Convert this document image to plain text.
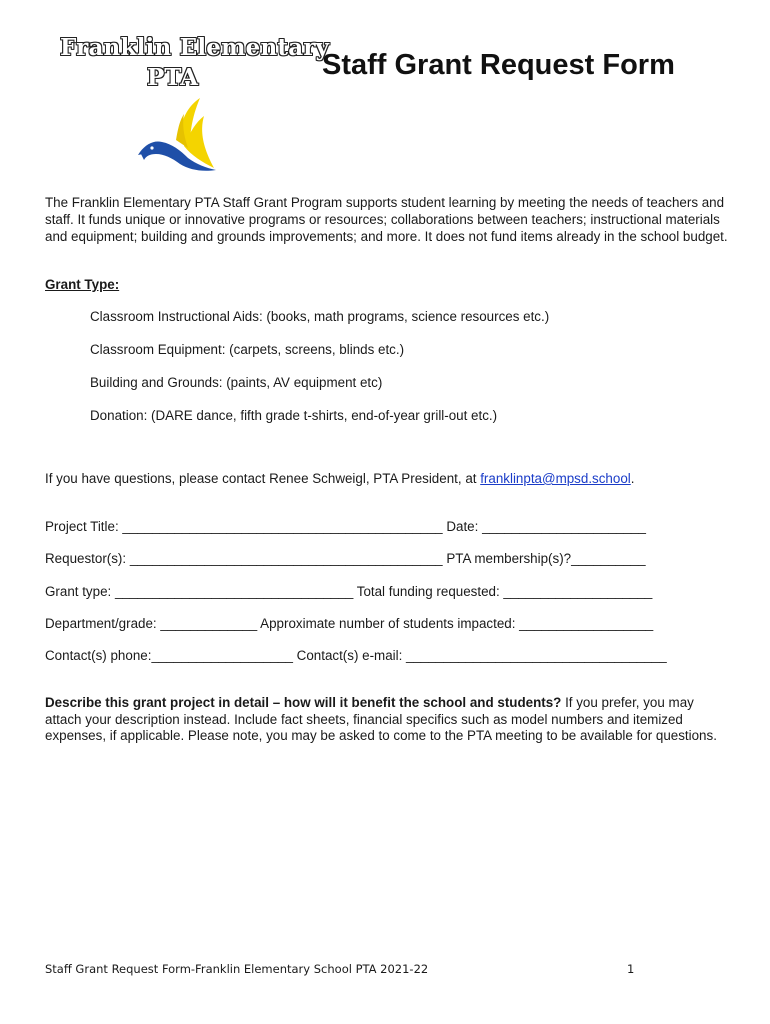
Franklin Elementary
PTA	Staff Grant Request Form

The Franklin Elementary PTA Staff Grant Program supports student learning by meeting the needs of teachers and staff. It funds unique or innovative programs or resources; collaborations between teachers; instructional materials and equipment; building and grounds improvements; and more. It does not fund items already in the school budget.

Grant Type:

Classroom Instructional Aids: (books, math programs, science resources etc.)
Classroom Equipment: (carpets, screens, blinds etc.)
Building and Grounds: (paints, AV equipment etc)
Donation: (DARE dance, fifth grade t-shirts, end-of-year grill-out etc.)

If you have questions, please contact Renee Schweigl, PTA President, at franklinpta@mpsd.school.

Project Title: ___________________________________________ Date: ______________________

Requestor(s): __________________________________________ PTA membership(s)?__________

Grant type: ________________________________ Total funding requested: ____________________

Department/grade: _____________ Approximate number of students impacted: __________________

Contact(s) phone:___________________ Contact(s) e-mail: ___________________________________

Describe this grant project in detail – how will it benefit the school and students? If you prefer, you may attach your description instead. Include fact sheets, financial specifics such as model numbers and itemized expenses, if applicable. Please note, you may be asked to come to the PTA meeting to be available for questions.

Staff Grant Request Form-Franklin Elementary School PTA 2021-22	1
